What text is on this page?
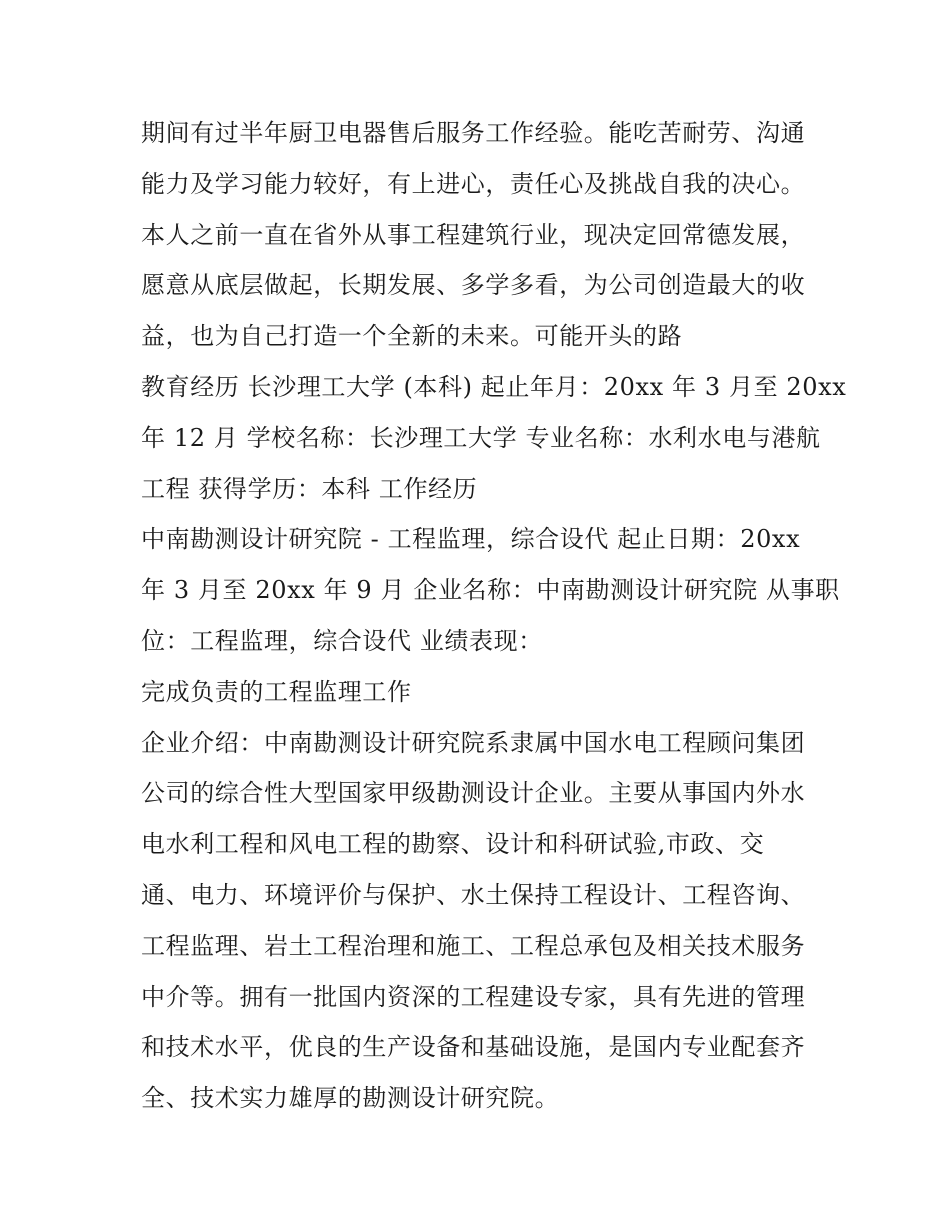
期间有过半年厨卫电器售后服务工作经验。能吃苦耐劳、沟通
能力及学习能力较好，有上进心，责任心及挑战自我的决心。
本人之前一直在省外从事工程建筑行业，现决定回常德发展，
愿意从底层做起，长期发展、多学多看，为公司创造最大的收
益，也为自己打造一个全新的未来。可能开头的路
教育经历 长沙理工大学 (本科) 起止年月：20xx 年 3 月至 20xx
年 12 月 学校名称：长沙理工大学 专业名称：水利水电与港航
工程 获得学历：本科 工作经历
中南勘测设计研究院 - 工程监理，综合设代 起止日期：20xx
年 3 月至 20xx 年 9 月 企业名称：中南勘测设计研究院 从事职
位：工程监理，综合设代 业绩表现：
完成负责的工程监理工作
企业介绍：中南勘测设计研究院系隶属中国水电工程顾问集团
公司的综合性大型国家甲级勘测设计企业。主要从事国内外水
电水利工程和风电工程的勘察、设计和科研试验,市政、交
通、电力、环境评价与保护、水土保持工程设计、工程咨询、
工程监理、岩土工程治理和施工、工程总承包及相关技术服务
中介等。拥有一批国内资深的工程建设专家，具有先进的管理
和技术水平，优良的生产设备和基础设施，是国内专业配套齐
全、技术实力雄厚的勘测设计研究院。
